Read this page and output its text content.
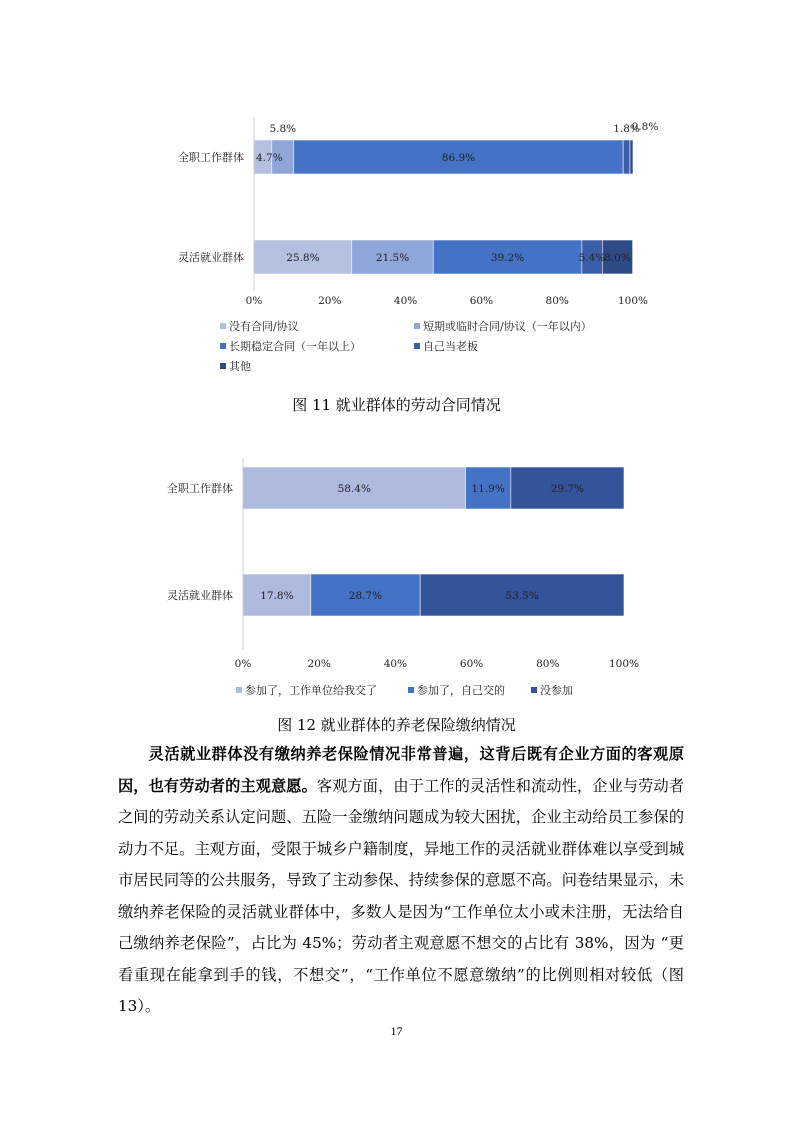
4.7%
5.8%
86.9%
1.8%
0.8%
25.8%	21.5%	39.2%	5.4%
8.0%
全职工作群体
灵活就业群体
0%	20%	40%	60%	80%	100%
没有合同/协议	短期或临时合同/协议（一年以内）
长期稳定合同（一年以上）	自己当老板
其他
图 11 就业群体的劳动合同情况
58.4%	11.9%	29.7%
17.8%	28.7%	53.5%
全职工作群体
灵活就业群体
0%	20%	40%	60%	80%	100%
参加了，工作单位给我交了	参加了，自己交的	没参加
图 12 就业群体的养老保险缴纳情况
灵活就业群体没有缴纳养老保险情况非常普遍，这背后既有企业方面的客观原因，也有劳动者的主观意愿。客观方面，由于工作的灵活性和流动性，企业与劳动者之间的劳动关系认定问题、五险一金缴纳问题成为较大困扰，企业主动给员工参保的动力不足。主观方面，受限于城乡户籍制度，异地工作的灵活就业群体难以享受到城市居民同等的公共服务，导致了主动参保、持续参保的意愿不高。问卷结果显示，未缴纳养老保险的灵活就业群体中，多数人是因为“工作单位太小或未注册，无法给自己缴纳养老保险”，占比为 45%；劳动者主观意愿不想交的占比有 38%，因为 “更看重现在能拿到手的钱，不想交”，“工作单位不愿意缴纳”的比例则相对较低（图 13）。
17
